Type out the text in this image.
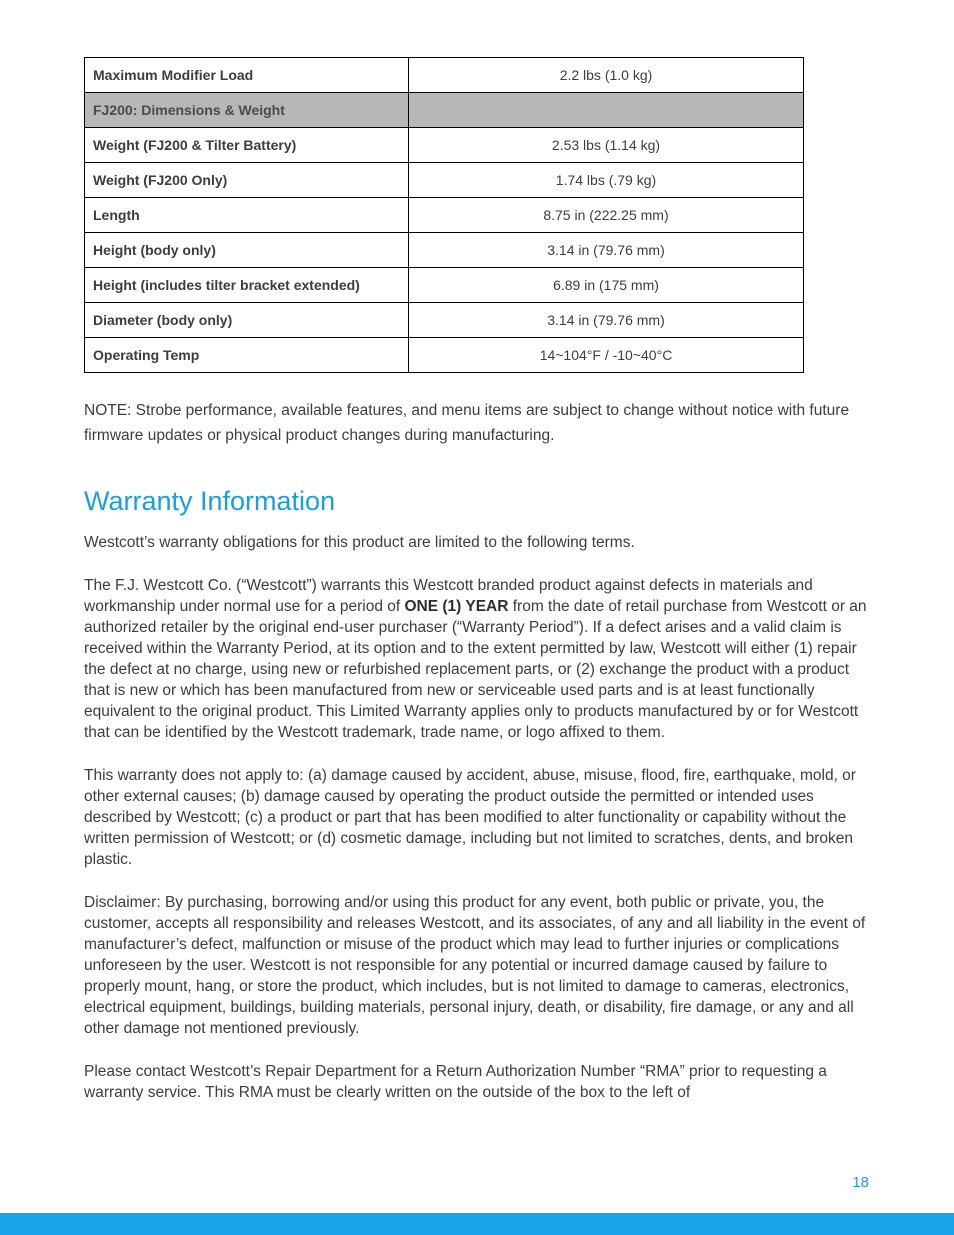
Maximum Modifier Load	2.2 lbs (1.0 kg)
FJ200: Dimensions & Weight	
Weight (FJ200 & Tilter Battery)	2.53 lbs (1.14 kg)
Weight (FJ200 Only)	1.74 lbs (.79 kg)
Length	8.75 in (222.25 mm)
Height (body only)	3.14 in (79.76 mm)
Height (includes tilter bracket extended)	6.89 in (175 mm)
Diameter (body only)	3.14 in (79.76 mm)
Operating Temp	14~104°F / -10~40°C

NOTE: Strobe performance, available features, and menu items are subject to change without notice with future firmware updates or physical product changes during manufacturing.

Warranty Information

Westcott’s warranty obligations for this product are limited to the following terms.

The F.J. Westcott Co. (“Westcott”) warrants this Westcott branded product against defects in materials and workmanship under normal use for a period of ONE (1) YEAR from the date of retail purchase from Westcott or an authorized retailer by the original end-user purchaser (“Warranty Period”). If a defect arises and a valid claim is received within the Warranty Period, at its option and to the extent permitted by law, Westcott will either (1) repair the defect at no charge, using new or refurbished replacement parts, or (2) exchange the product with a product that is new or which has been manufactured from new or serviceable used parts and is at least functionally equivalent to the original product. This Limited Warranty applies only to products manufactured by or for Westcott that can be identified by the Westcott trademark, trade name, or logo affixed to them.

This warranty does not apply to: (a) damage caused by accident, abuse, misuse, flood, fire, earthquake, mold, or other external causes; (b) damage caused by operating the product outside the permitted or intended uses described by Westcott; (c) a product or part that has been modified to alter functionality or capability without the written permission of Westcott; or (d) cosmetic damage, including but not limited to scratches, dents, and broken plastic.

Disclaimer: By purchasing, borrowing and/or using this product for any event, both public or private, you, the customer, accepts all responsibility and releases Westcott, and its associates, of any and all liability in the event of manufacturer’s defect, malfunction or misuse of the product which may lead to further injuries or complications unforeseen by the user. Westcott is not responsible for any potential or incurred damage caused by failure to properly mount, hang, or store the product, which includes, but is not limited to damage to cameras, electronics, electrical equipment, buildings, building materials, personal injury, death, or disability, fire damage, or any and all other damage not mentioned previously.

Please contact Westcott’s Repair Department for a Return Authorization Number “RMA” prior to requesting a warranty service. This RMA must be clearly written on the outside of the box to the left of

18
